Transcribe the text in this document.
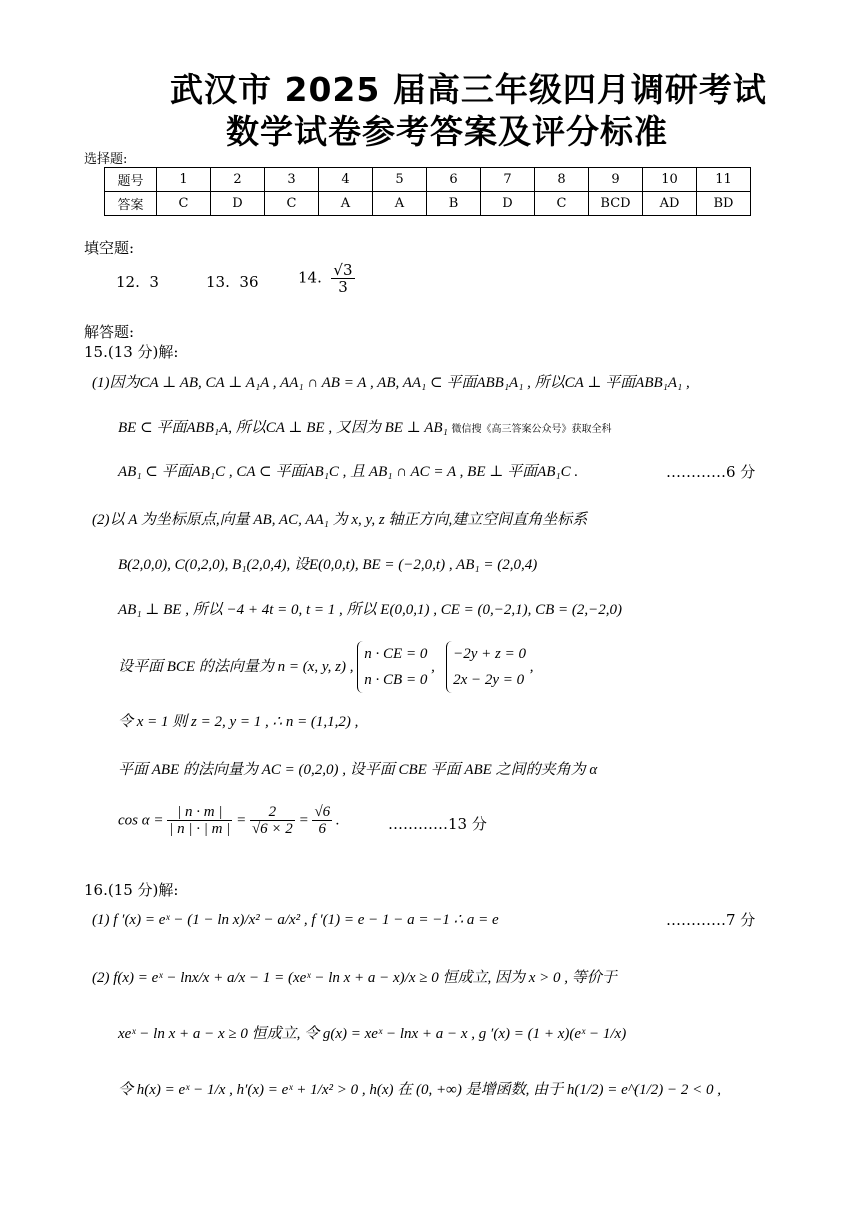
武汉市 2025 届高三年级四月调研考试
数学试卷参考答案及评分标准
选择题:
题号	1	2	3	4	5	6	7	8	9	10	11
答案	C	D	C	A	A	B	D	C	BCD	AD	BD
填空题:
12. 3	13. 36	14. $\frac{√3}{3}$
解答题:
15.(13 分)解:
(1)因为CA ⊥ AB, CA ⊥ A₁A , AA₁ ∩ AB = A , AB, AA₁ ⊂ 平面ABB₁A₁ , 所以CA ⊥ 平面ABB₁A₁ ,
BE ⊂ 平面ABB₁A, 所以CA ⊥ BE , 又因为 BE ⊥ AB₁ 微信搜《高三答案公众号》获取全科
AB₁ ⊂ 平面AB₁C , CA ⊂ 平面AB₁C , 且 AB₁ ∩ AC = A , BE ⊥ 平面AB₁C .	…………6 分
(2)以 A 为坐标原点,向量 AB, AC, AA₁ 为 x, y, z 轴正方向,建立空间直角坐标系
B(2,0,0), C(0,2,0), B₁(2,0,4), 设E(0,0,t), BE = (−2,0,t) , AB₁ = (2,0,4)
AB₁ ⊥ BE , 所以 −4 + 4t = 0, t = 1 , 所以 E(0,0,1) , CE = (0,−2,1), CB = (2,−2,0)
设平面 BCE 的法向量为 n = (x, y, z) ,
n · CE = 0
n · CB = 0
,
−2y + z = 0
2x − 2y = 0
,
令 x = 1 则 z = 2, y = 1 , ∴ n = (1,1,2) ,
平面 ABE 的法向量为 AC = (0,2,0) , 设平面 CBE 平面 ABE 之间的夹角为 α
$\cos \alpha = \frac{| n \cdot m |}{| n | \cdot | m |} = \frac{2}{√6 \times 2} = \frac{√6}{6}$ .	…………13 分
16.(15 分)解:
(1) f ′(x) = eˣ − (1 − ln x)/x² − a/x² , f ′(1) = e − 1 − a = −1 ∴ a = e	…………7 分
(2) f(x) = eˣ − lnx/x + a/x − 1 = (xeˣ − ln x + a − x)/x ≥ 0 恒成立, 因为 x > 0 , 等价于
xeˣ − ln x + a − x ≥ 0 恒成立, 令 g(x) = xeˣ − lnx + a − x , g ′(x) = (1 + x)(eˣ − 1/x)
令 h(x) = eˣ − 1/x , h′(x) = eˣ + 1/x² > 0 , h(x) 在 (0, +∞) 是增函数, 由于 h(1/2) = e^(1/2) − 2 < 0 ,
